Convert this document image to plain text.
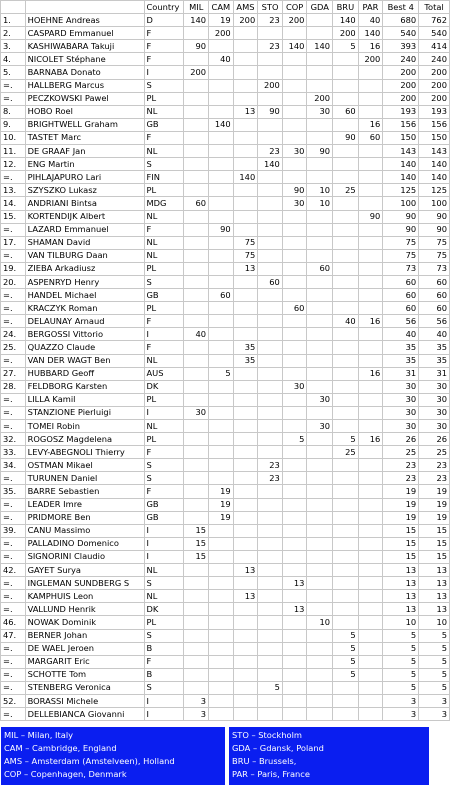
		Country	MIL	CAM	AMS	STO	COP	GDA	BRU	PAR	Best 4	Total
1.	HOEHNE Andreas	D	140	19	200	23	200		140	40	680	762
2.	CASPARD Emmanuel	F		200					200	140	540	540
3.	KASHIWABARA Takuji	F	90			23	140	140	5	16	393	414
4.	NICOLET Stéphane	F		40						200	240	240
5.	BARNABA Donato	I	200								200	200
=.	HALLBERG Marcus	S				200					200	200
=.	PECZKOWSKI Pawel	PL						200			200	200
8.	HOBO Roel	NL			13	90		30	60		193	193
9.	BRIGHTWELL Graham	GB		140						16	156	156
10.	TASTET Marc	F							90	60	150	150
11.	DE GRAAF Jan	NL				23	30	90			143	143
12.	ENG Martin	S				140					140	140
=.	PIHLAJAPURO Lari	FIN			140						140	140
13.	SZYSZKO Lukasz	PL					90	10	25		125	125
14.	ANDRIANI Bintsa	MDG	60				30	10			100	100
15.	KORTENDIJK Albert	NL								90	90	90
=.	LAZARD Emmanuel	F		90							90	90
17.	SHAMAN David	NL			75						75	75
=.	VAN TILBURG Daan	NL			75						75	75
19.	ZIEBA Arkadiusz	PL			13			60			73	73
20.	ASPENRYD Henry	S				60					60	60
=.	HANDEL Michael	GB		60							60	60
=.	KRACZYK Roman	PL					60				60	60
=.	DELAUNAY Arnaud	F							40	16	56	56
24.	BERGOSSI Vittorio	I	40								40	40
25.	QUAZZO Claude	F			35						35	35
=.	VAN DER WAGT Ben	NL			35						35	35
27.	HUBBARD Geoff	AUS		5						16	31	31
28.	FELDBORG Karsten	DK					30				30	30
=.	LILLA Kamil	PL						30			30	30
=.	STANZIONE Pierluigi	I	30								30	30
=.	TOMEI Robin	NL						30			30	30
32.	ROGOSZ Magdelena	PL					5		5	16	26	26
33.	LEVY-ABEGNOLI Thierry	F							25		25	25
34.	OSTMAN Mikael	S				23					23	23
=.	TURUNEN Daniel	S				23					23	23
35.	BARRE Sebastien	F		19							19	19
=.	LEADER Imre	GB		19							19	19
=.	PRIDMORE Ben	GB		19							19	19
39.	CANU Massimo	I	15								15	15
=.	PALLADINO Domenico	I	15								15	15
=.	SIGNORINI Claudio	I	15								15	15
42.	GAYET Surya	NL			13						13	13
=.	INGLEMAN SUNDBERG S	S					13				13	13
=.	KAMPHUIS Leon	NL			13						13	13
=.	VALLUND Henrik	DK					13				13	13
46.	NOWAK Dominik	PL						10			10	10
47.	BERNER Johan	S							5		5	5
=.	DE WAEL Jeroen	B							5		5	5
=.	MARGARIT Eric	F							5		5	5
=.	SCHOTTE Tom	B							5		5	5
=.	STENBERG Veronica	S				5					5	5
52.	BORASSI Michele	I	3								3	3
=.	DELLEBIANCA Giovanni	I	3								3	3
MIL – Milan, Italy
CAM – Cambridge, England
AMS – Amsterdam (Amstelveen), Holland
COP – Copenhagen, Denmark
STO – Stockholm
GDA – Gdansk, Poland
BRU – Brussels,
PAR – Paris, France
